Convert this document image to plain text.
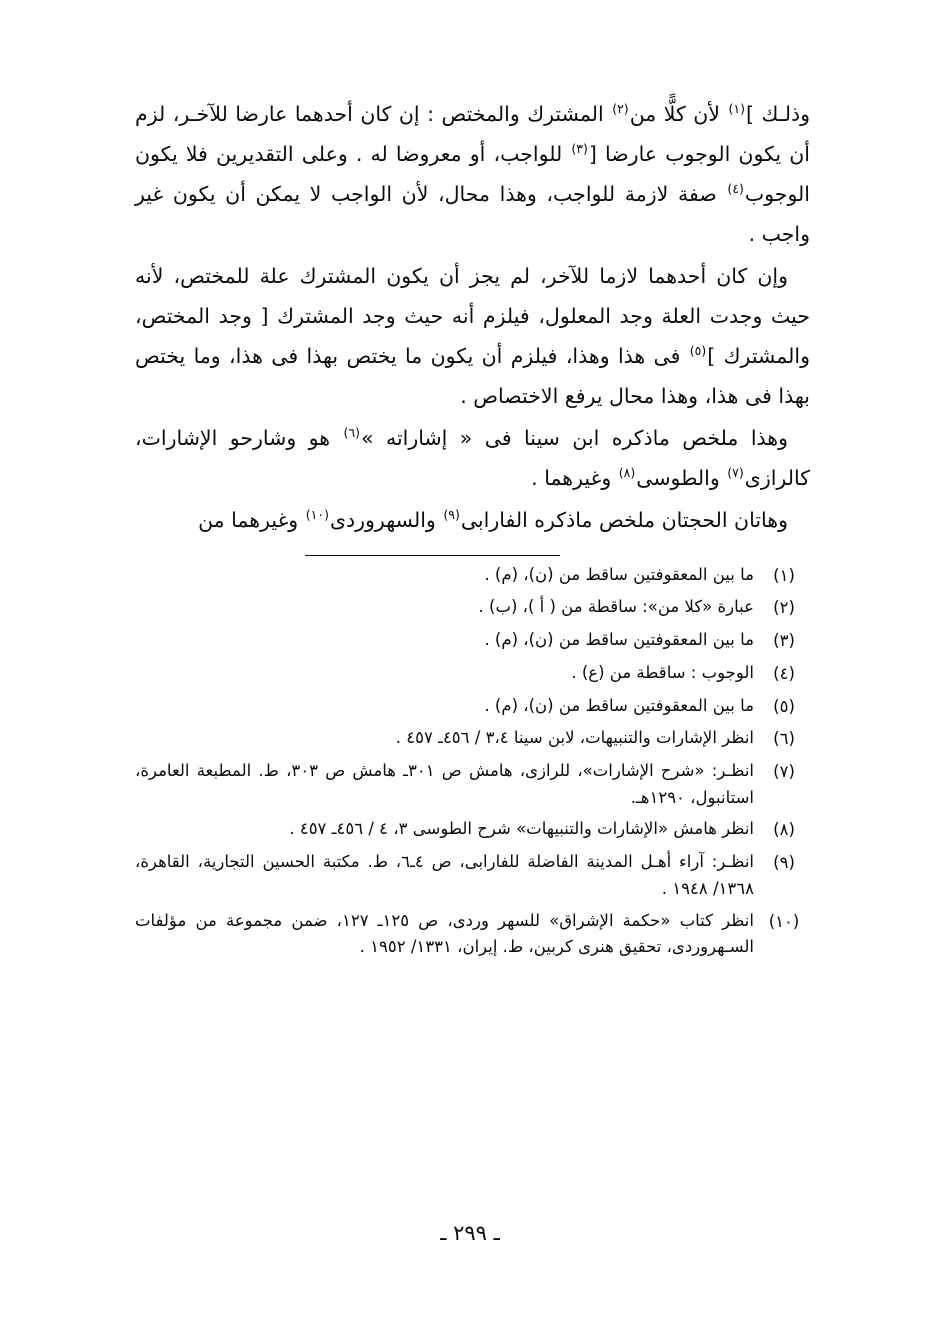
وذلـك ]$^{(١)}$ لأن كلًّا من$^{(٢)}$ المشترك والمختص : إن كان أحدهما عارضا للآخـر، لزم أن يكون الوجوب عارضا [$^{(٣)}$ للواجب، أو معروضا له . وعلى التقديرين فلا يكون الوجوب$^{(٤)}$ صفة لازمة للواجب، وهذا محال، لأن الواجب لا يمكن أن يكون غير واجب .

وإن كان أحدهما لازما للآخر، لم يجز أن يكون المشترك علة للمختص، لأنه حيث وجدت العلة وجد المعلول، فيلزم أنه حيث وجد المشترك [ وجد المختص، والمشترك ]$^{(٥)}$ فى هذا وهذا، فيلزم أن يكون ما يختص بهذا فى هذا، وما يختص بهذا فى هذا، وهذا محال يرفع الاختصاص .

وهذا ملخص ماذكره ابن سينا فى « إشاراته »$^{(٦)}$ هو وشارحو الإشارات، كالرازى$^{(٧)}$ والطوسى$^{(٨)}$ وغيرهما .

وهاتان الحجتان ملخص ماذكره الفارابى$^{(٩)}$ والسهروردى$^{(١٠)}$ وغيرهما من

(١)
ما بين المعقوفتين ساقط من (ن)، (م) .
(٢)
عبارة «كلا من»: ساقطة من ( أ )، (ب) .
(٣)
ما بين المعقوفتين ساقط من (ن)، (م) .
(٤)
الوجوب : ساقطة من (ع) .
(٥)
ما بين المعقوفتين ساقط من (ن)، (م) .
(٦)
انظر الإشارات والتنبيهات، لابن سينا ٣،٤ / ٤٥٦ـ ٤٥٧ .
(٧)
انظـر: «شرح الإشارات»، للرازى، هامش ص ٣٠١ـ هامش ص ٣٠٣، ط. المطبعة العامرة، استانبول، ١٢٩٠هـ.
(٨)
انظر هامش «الإشارات والتنبيهات» شرح الطوسى ٣، ٤ / ٤٥٦ـ ٤٥٧ .
(٩)
انظـر: آراء أهـل المدينة الفاضلة للفارابى، ص ٤ـ٦، ط. مكتبة الحسين التجارية، القاهرة، ١٣٦٨/ ١٩٤٨ .
(١٠)
انظر كتاب «حكمة الإشراق» للسهر وردى، ص ١٢٥ـ ١٢٧، ضمن مجموعة من مؤلفات السـهروردى، تحقيق هنرى كربين، ط. إيران، ١٣٣١/ ١٩٥٢ .
ـ ٢٩٩ ـ
